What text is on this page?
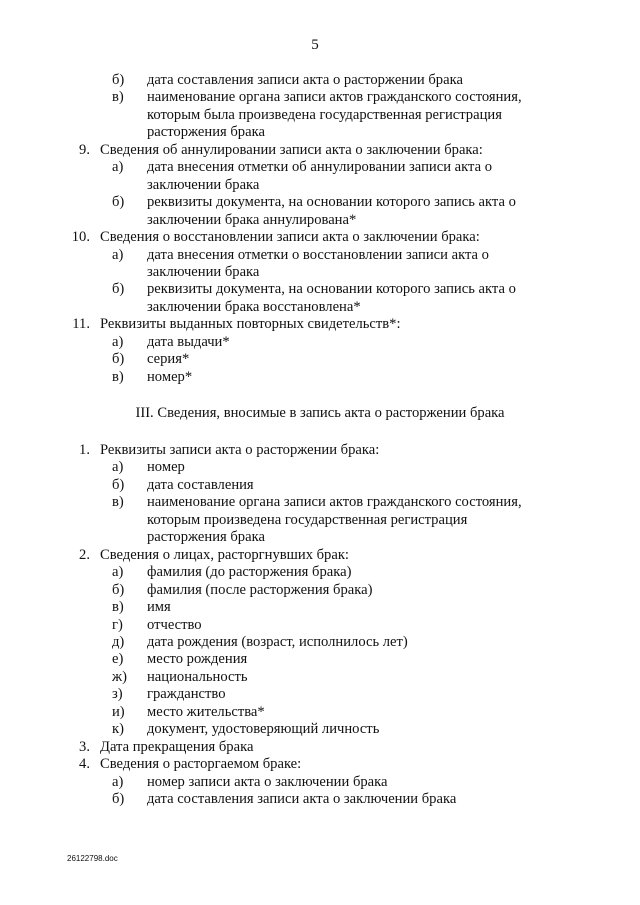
5
б) дата составления записи акта о расторжении брака
в) наименование органа записи актов гражданского состояния,
которым была произведена государственная регистрация
расторжения брака
9. Сведения об аннулировании записи акта о заключении брака:
а) дата внесения отметки об аннулировании записи акта о
заключении брака
б) реквизиты документа, на основании которого запись акта о
заключении брака аннулирована*
10. Сведения о восстановлении записи акта о заключении брака:
а) дата внесения отметки о восстановлении записи акта о
заключении брака
б) реквизиты документа, на основании которого запись акта о
заключении брака восстановлена*
11. Реквизиты выданных повторных свидетельств*:
а) дата выдачи*
б) серия*
в) номер*
III. Сведения, вносимые в запись акта о расторжении брака
1. Реквизиты записи акта о расторжении брака:
а) номер
б) дата составления
в) наименование органа записи актов гражданского состояния,
которым произведена государственная регистрация
расторжения брака
2. Сведения о лицах, расторгнувших брак:
а) фамилия (до расторжения брака)
б) фамилия (после расторжения брака)
в) имя
г) отчество
д) дата рождения (возраст, исполнилось лет)
е) место рождения
ж) национальность
з) гражданство
и) место жительства*
к) документ, удостоверяющий личность
3. Дата прекращения брака
4. Сведения о расторгаемом браке:
а) номер записи акта о заключении брака
б) дата составления записи акта о заключении брака
26122798.doc
